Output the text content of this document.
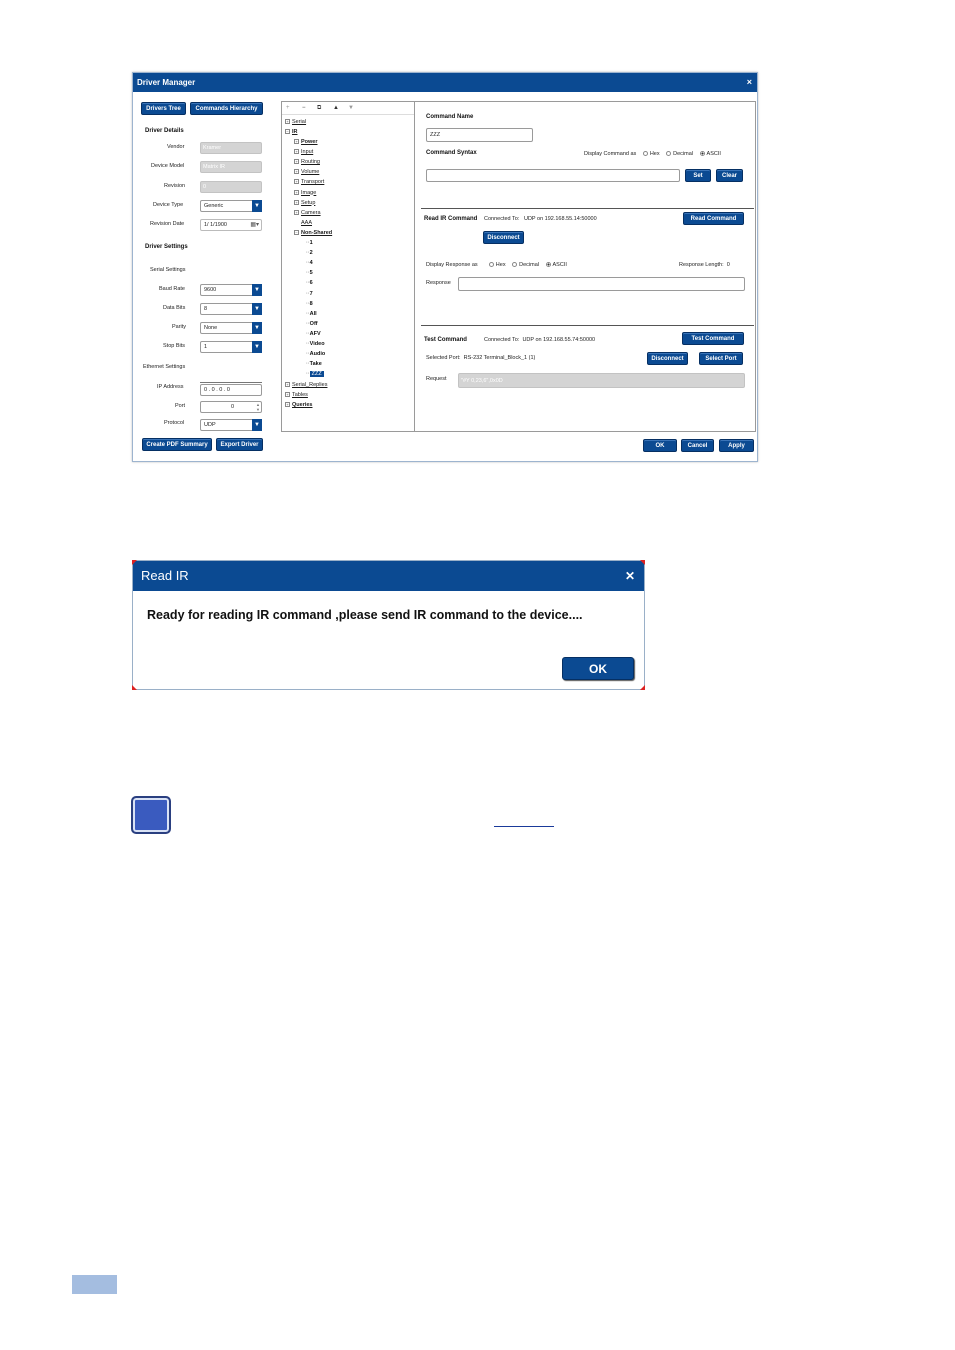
Driver Manager	×
Drivers Tree	Commands Hierarchy
Driver Details
Vendor	Kramer
Device Model	Matrix IR
Revision	0
Device Type	Generic	▼
Revision Date	1/ 1/1900	▦▾
Driver Settings
Serial Settings
Baud Rate	9600	▼
Data Bits	8	▼
Parity	None	▼
Stop Bits	1	▼
Ethernet Settings
IP Address	0 . 0 . 0 . 0
Port	0	▲
▼
Protocol	UDP	▼
Create PDF Summary	Export Driver
+ − ⧉ ▲ ▼
+ Serial
− IR
+ Power
+ Input
+ Routing
+ Volume
+ Transport
+ Image
+ Setup
+ Camera
AAA
− Non-Shared
··1
··2
··4
··5
··6
··7
··8
··All
··Off
··AFV
··Video
··Audio
··Take
·· ZZZ
+ Serial_Replies
+ Tables
+ Queries
Command Name
ZZZ
Command Syntax	Display Command as Hex Decimal ASCII
Set	Clear
Read IR Command Connected To: UDP on 192.168.55.14:50000	Read Command
Disconnect
Display Response as	Hex Decimal ASCII	Response Length: 0
Response
Test Command	Connected To: UDP on 192.168.55.74:50000	Test Command
Selected Port: RS-232 Terminal_Block_1 (1)	Disconnect	Select Port
Request	"#Y 0,23,6",0x0D
OK	Cancel	Apply
Read IR	✕
Ready for reading IR command ,please send IR command to the device....
OK
